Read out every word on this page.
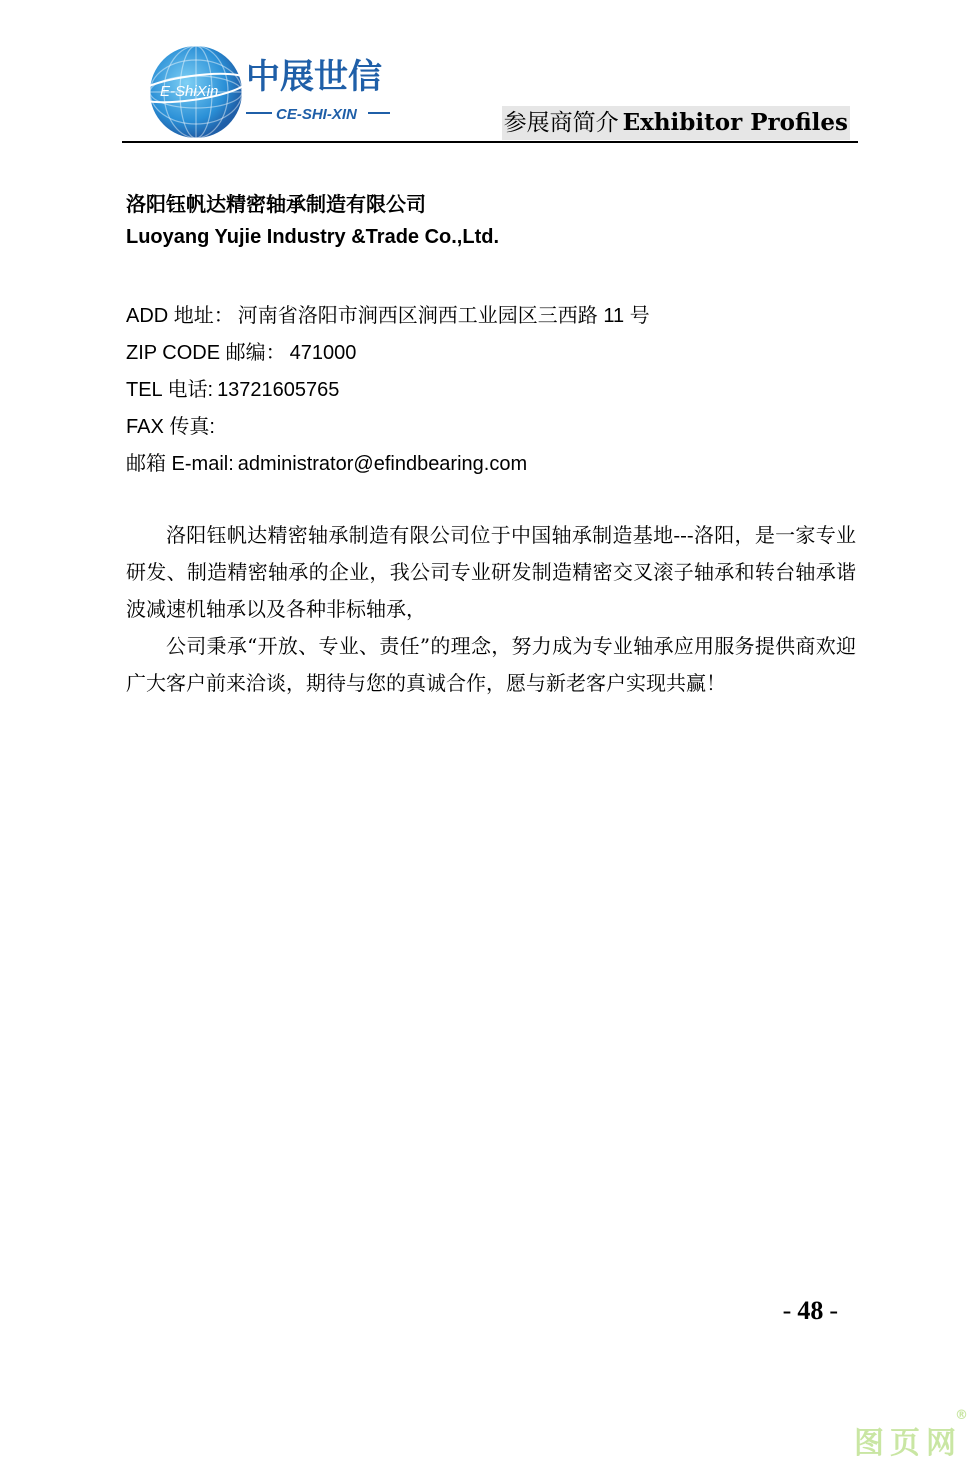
E-ShiXin 中展世信
CE-SHI-XIN	参展商简介 Exhibitor Profiles
洛阳钰帆达精密轴承制造有限公司
Luoyang Yujie Industry &Trade Co.,Ltd.
ADD 地址： 河南省洛阳市涧西区涧西工业园区三西路 11 号
ZIP CODE 邮编： 471000
TEL 电话: 13721605765
FAX 传真:
邮箱 E-mail: administrator@efindbearing.com

洛阳钰帆达精密轴承制造有限公司位于中国轴承制造基地---洛阳，是一家专业研发、制造精密轴承的企业，我公司专业研发制造精密交叉滚子轴承和转台轴承谐波减速机轴承以及各种非标轴承，

公司秉承“开放、专业、责任”的理念，努力成为专业轴承应用服务提供商欢迎广大客户前来洽谈，期待与您的真诚合作，愿与新老客户实现共赢！

- 48 -
图页网
®
